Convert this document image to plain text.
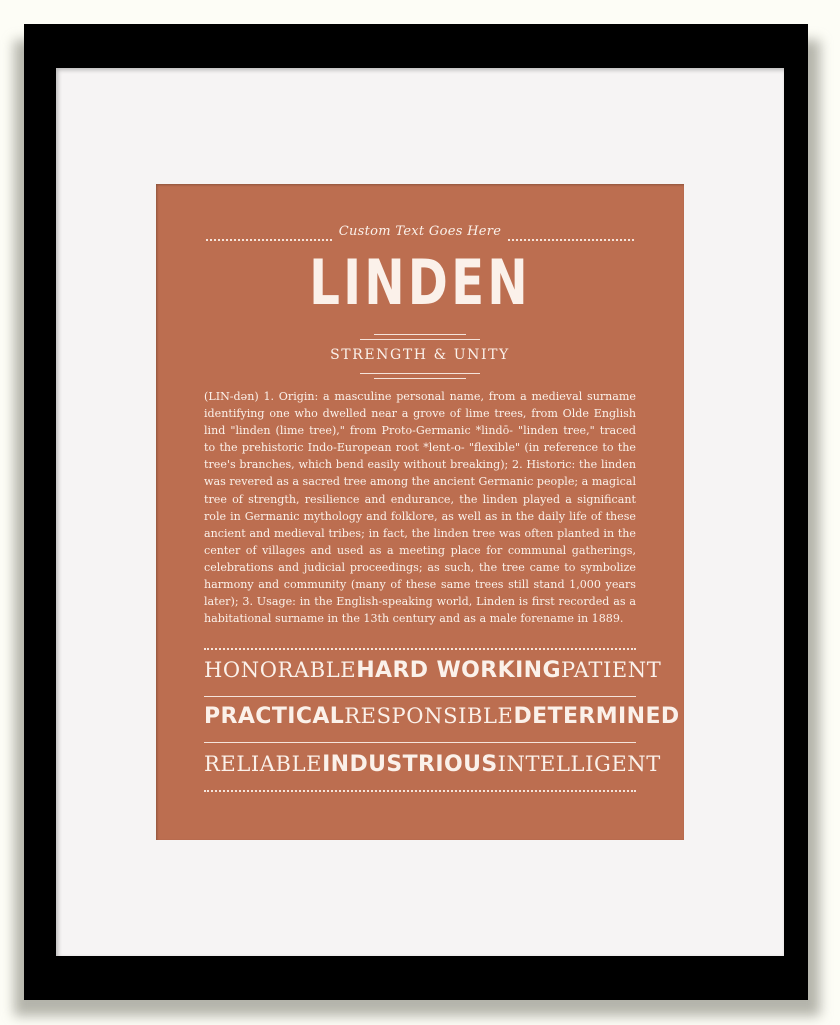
Custom Text Goes Here
LINDEN
STRENGTH & UNITY

(LIN-dən) 1. Origin: a masculine personal name, from a medieval surname identifying one who dwelled near a grove of lime trees, from Olde English lind "linden (lime tree)," from Proto-Germanic *lindō- "linden tree," traced to the prehistoric Indo-European root *lent-o- "flexible" (in reference to the tree's branches, which bend easily without breaking); 2. Historic: the linden was revered as a sacred tree among the ancient Germanic people; a magical tree of strength, resilience and endurance, the linden played a significant role in Germanic mythology and folklore, as well as in the daily life of these ancient and medieval tribes; in fact, the linden tree was often planted in the center of villages and used as a meeting place for communal gatherings, celebrations and judicial proceedings; as such, the tree came to symbolize harmony and community (many of these same trees still stand 1,000 years later); 3. Usage: in the English-speaking world, Linden is first recorded as a habitational surname in the 13th century and as a male forename in 1889.

HONORABLE HARD WORKING PATIENT
PRACTICAL RESPONSIBLE DETERMINED
RELIABLE INDUSTRIOUS INTELLIGENT
